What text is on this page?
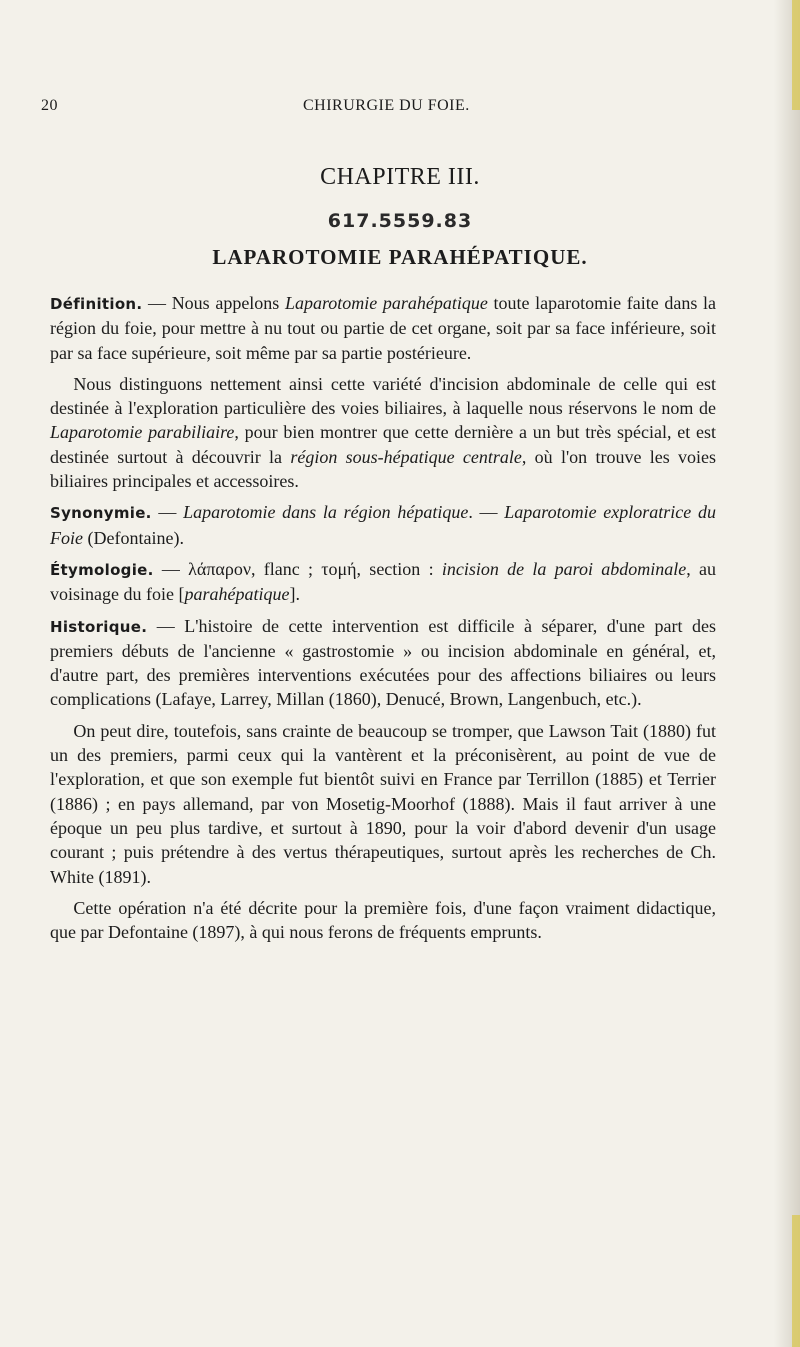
20	CHIRURGIE DU FOIE.
CHAPITRE III.
617.5559.83
LAPAROTOMIE PARAHÉPATIQUE.

Définition. — Nous appelons Laparotomie parahépatique toute laparotomie faite dans la région du foie, pour mettre à nu tout ou partie de cet organe, soit par sa face inférieure, soit par sa face supérieure, soit même par sa partie postérieure.

Nous distinguons nettement ainsi cette variété d'incision abdominale de celle qui est destinée à l'exploration particulière des voies biliaires, à laquelle nous réservons le nom de Laparotomie parabiliaire, pour bien montrer que cette dernière a un but très spécial, et est destinée surtout à découvrir la région sous-hépatique centrale, où l'on trouve les voies biliaires principales et accessoires.

Synonymie. — Laparotomie dans la région hépatique. — Laparotomie exploratrice du Foie (Defontaine).

Étymologie. — λάπαρον, flanc ; τομή, section : incision de la paroi abdominale, au voisinage du foie [parahépatique].

Historique. — L'histoire de cette intervention est difficile à séparer, d'une part des premiers débuts de l'ancienne « gastrostomie » ou incision abdominale en général, et, d'autre part, des premières interventions exécutées pour des affections biliaires ou leurs complications (Lafaye, Larrey, Millan (1860), Denucé, Brown, Langenbuch, etc.).

On peut dire, toutefois, sans crainte de beaucoup se tromper, que Lawson Tait (1880) fut un des premiers, parmi ceux qui la vantèrent et la préconisèrent, au point de vue de l'exploration, et que son exemple fut bientôt suivi en France par Terrillon (1885) et Terrier (1886) ; en pays allemand, par von Mosetig-Moorhof (1888). Mais il faut arriver à une époque un peu plus tardive, et surtout à 1890, pour la voir d'abord devenir d'un usage courant ; puis prétendre à des vertus thérapeutiques, surtout après les recherches de Ch. White (1891).

Cette opération n'a été décrite pour la première fois, d'une façon vraiment didactique, que par Defontaine (1897), à qui nous ferons de fréquents emprunts.
